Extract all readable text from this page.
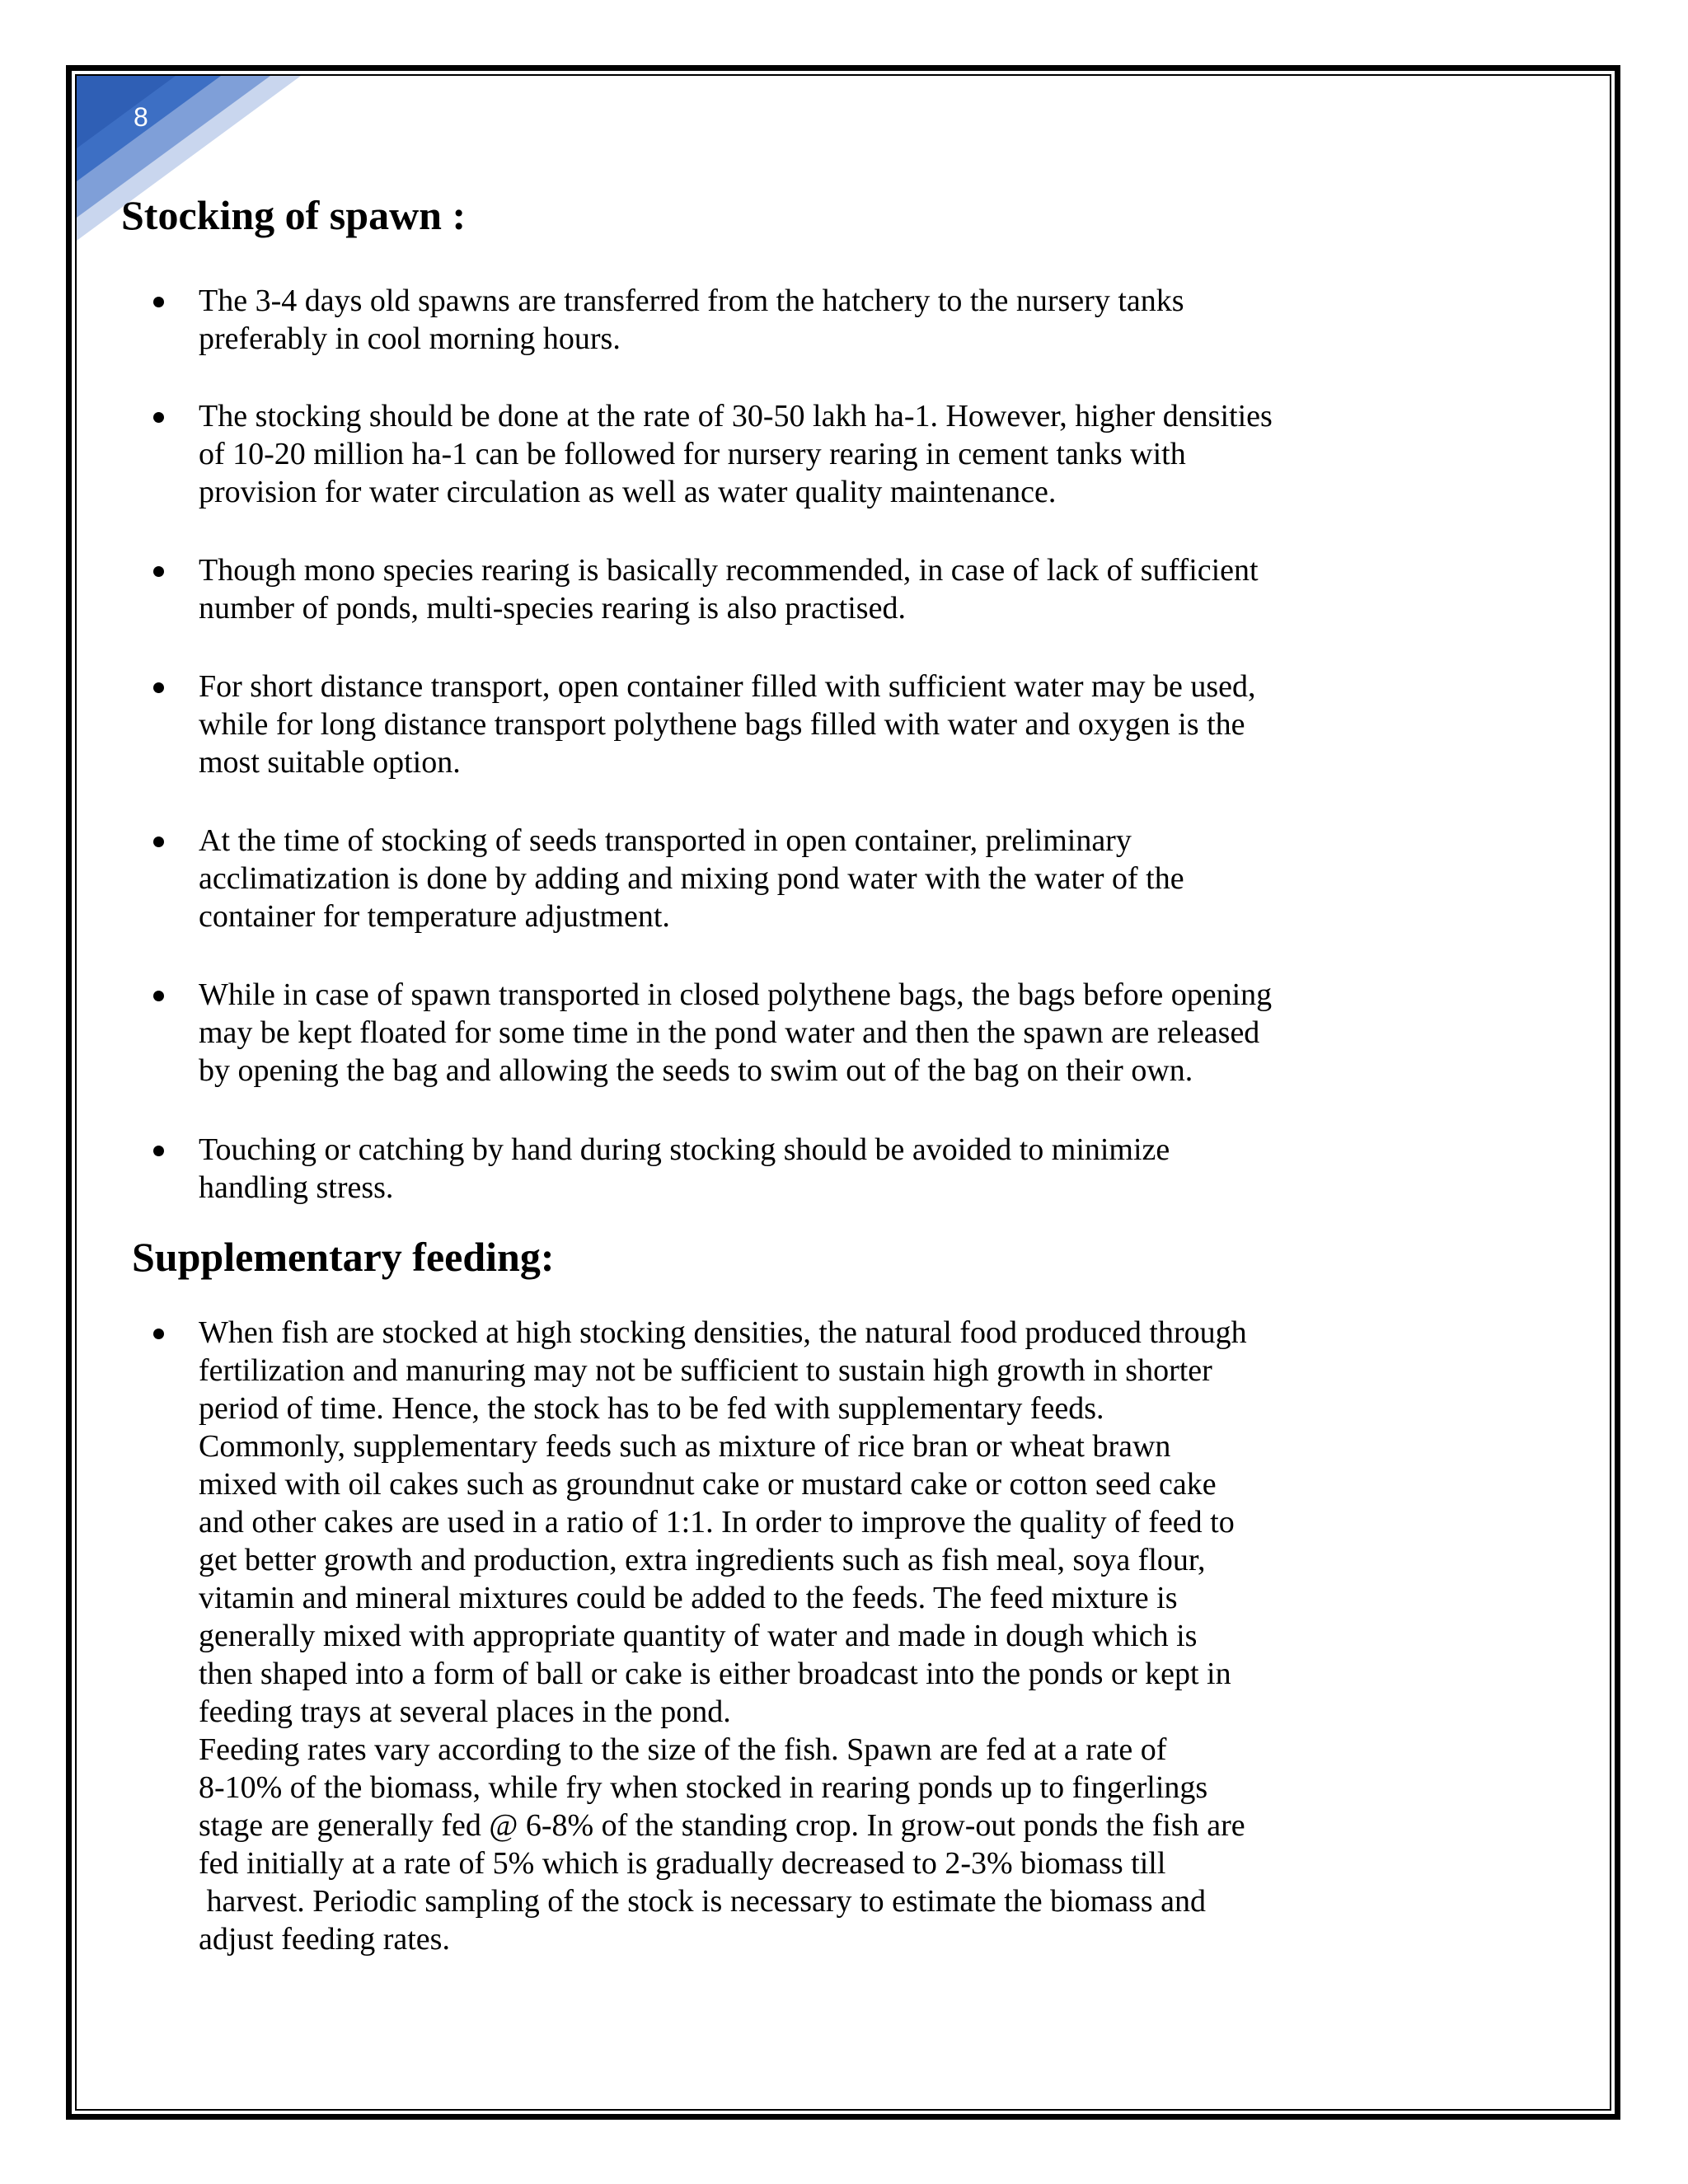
8
Stocking of spawn :
The 3-4 days old spawns are transferred from the hatchery to the nursery tanks
preferably in cool morning hours.
The stocking should be done at the rate of 30-50 lakh ha-1. However, higher densities
of 10-20 million ha-1 can be followed for nursery rearing in cement tanks with
provision for water circulation as well as water quality maintenance.
Though mono species rearing is basically recommended, in case of lack of sufficient
number of ponds, multi-species rearing is also practised.
For short distance transport, open container filled with sufficient water may be used,
while for long distance transport polythene bags filled with water and oxygen is the
most suitable option.
At the time of stocking of seeds transported in open container, preliminary
acclimatization is done by adding and mixing pond water with the water of the
container for temperature adjustment.
While in case of spawn transported in closed polythene bags, the bags before opening
may be kept floated for some time in the pond water and then the spawn are released
by opening the bag and allowing the seeds to swim out of the bag on their own.
Touching or catching by hand during stocking should be avoided to minimize
handling stress.
Supplementary feeding:
When fish are stocked at high stocking densities, the natural food produced through
fertilization and manuring may not be sufficient to sustain high growth in shorter
period of time. Hence, the stock has to be fed with supplementary feeds.
Commonly, supplementary feeds such as mixture of rice bran or wheat brawn
mixed with oil cakes such as groundnut cake or mustard cake or cotton seed cake
and other cakes are used in a ratio of 1:1. In order to improve the quality of feed to
get better growth and production, extra ingredients such as fish meal, soya flour,
vitamin and mineral mixtures could be added to the feeds. The feed mixture is
generally mixed with appropriate quantity of water and made in dough which is
then shaped into a form of ball or cake is either broadcast into the ponds or kept in
feeding trays at several places in the pond.
Feeding rates vary according to the size of the fish. Spawn are fed at a rate of
8-10% of the biomass, while fry when stocked in rearing ponds up to fingerlings
stage are generally fed @ 6-8% of the standing crop. In grow-out ponds the fish are
fed initially at a rate of 5% which is gradually decreased to 2-3% biomass till
harvest. Periodic sampling of the stock is necessary to estimate the biomass and
adjust feeding rates.
